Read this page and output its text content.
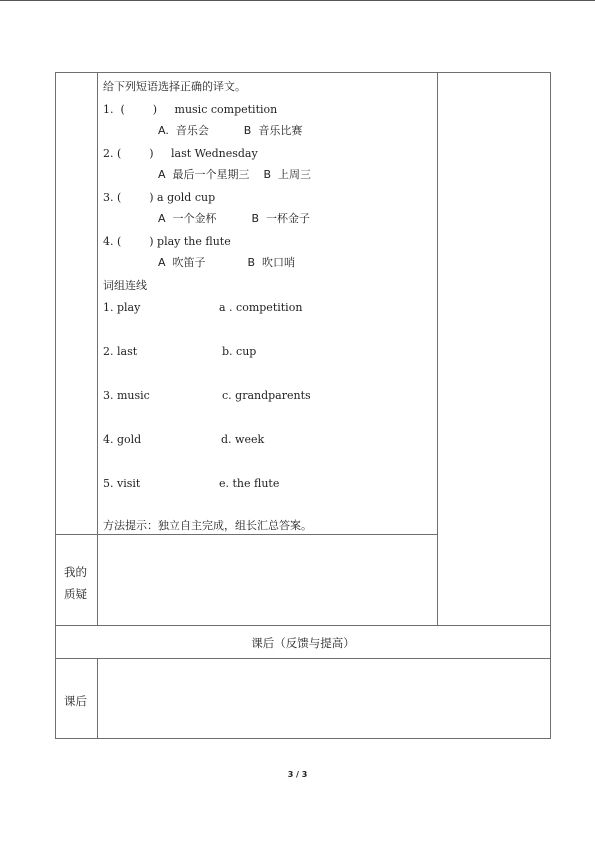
给下列短语选择正确的译文。
1.  (        )     music competition
A.  音乐会          B  音乐比赛
2. (        )     last Wednesday
A  最后一个星期三    B  上周三
3. (        ) a gold cup
A  一个金杯          B  一杯金子
4. (        ) play the flute
A  吹笛子            B  吹口哨
词组连线
1. play	a . competition
2. last	b. cup
3. music	c. grandparents
4. gold	d. week
5. visit	e. the flute
方法提示：独立自主完成，组长汇总答案。
我的质疑
课后（反馈与提高）
课后
3 / 3
